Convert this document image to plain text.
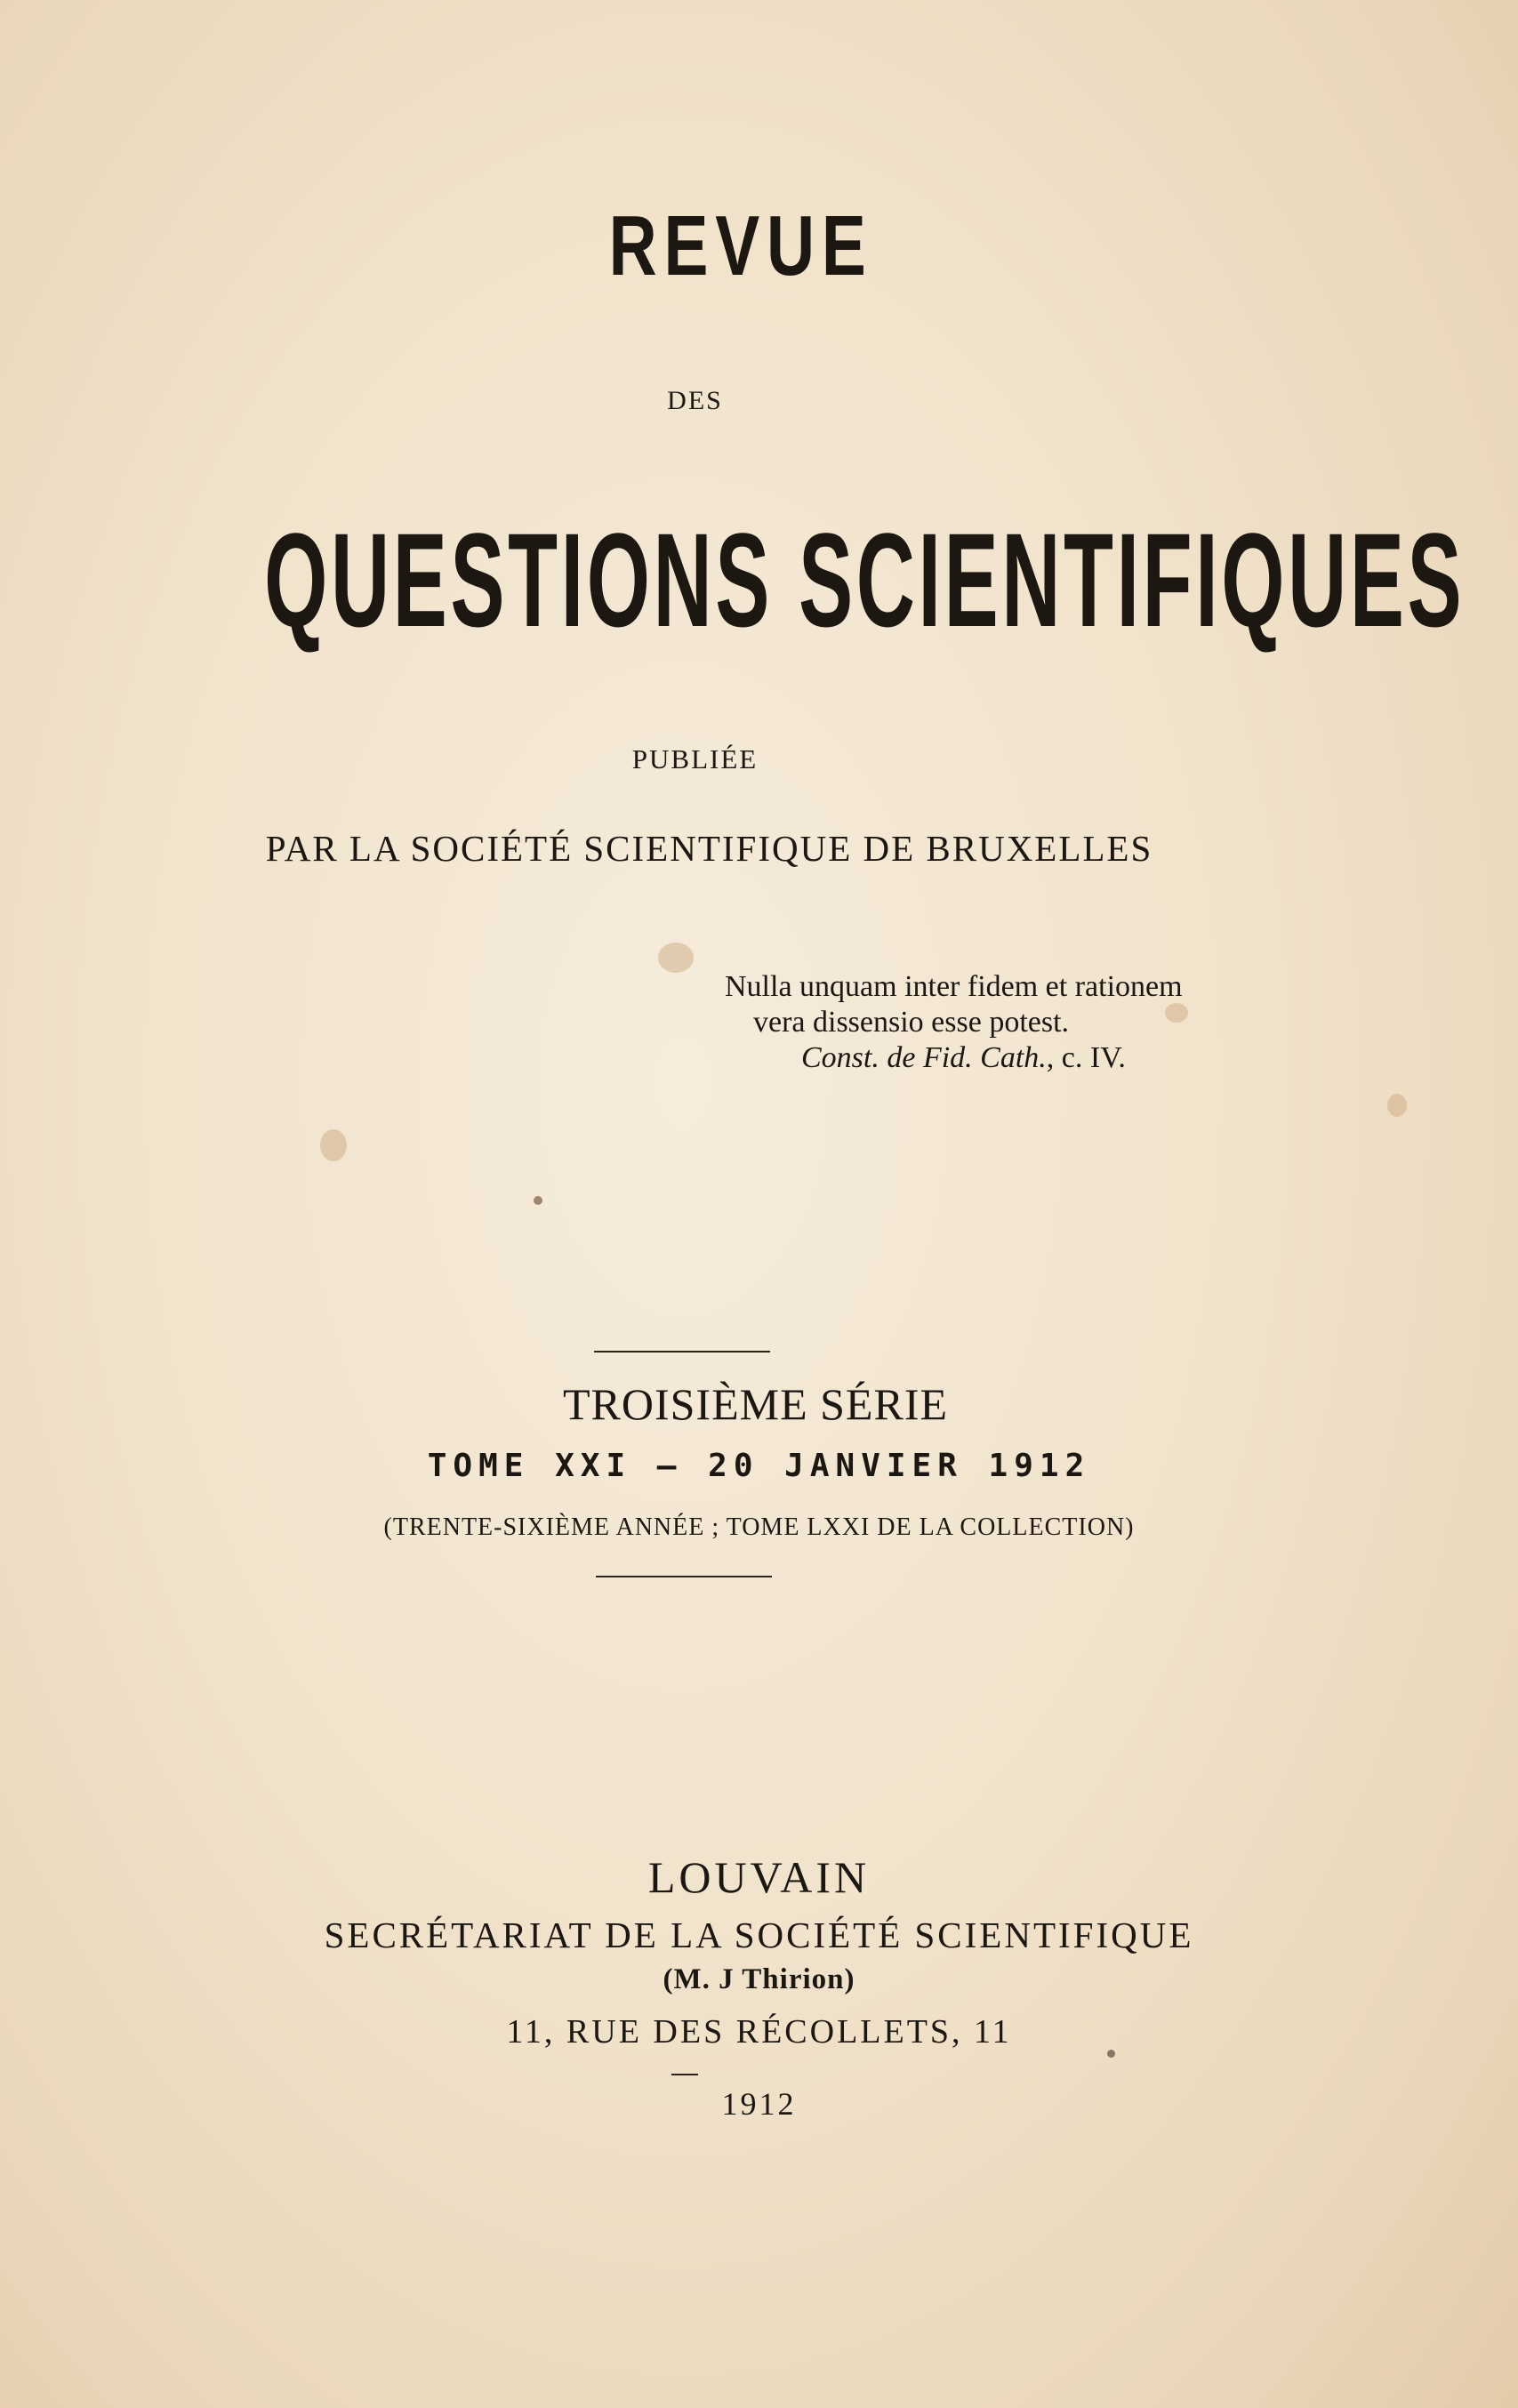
REVUE
DES
QUESTIONS SCIENTIFIQUES
PUBLIÉE
PAR LA SOCIÉTÉ SCIENTIFIQUE DE BRUXELLES
Nulla unquam inter fidem et rationem
vera dissensio esse potest.
Const. de Fid. Cath., c. IV.
TROISIÈME SÉRIE
TOME XXI — 20 JANVIER 1912
(TRENTE-SIXIÈME ANNÉE ; TOME LXXI DE LA COLLECTION)
LOUVAIN
SECRÉTARIAT DE LA SOCIÉTÉ SCIENTIFIQUE
(M. J Thirion)
11, RUE DES RÉCOLLETS, 11
1912
